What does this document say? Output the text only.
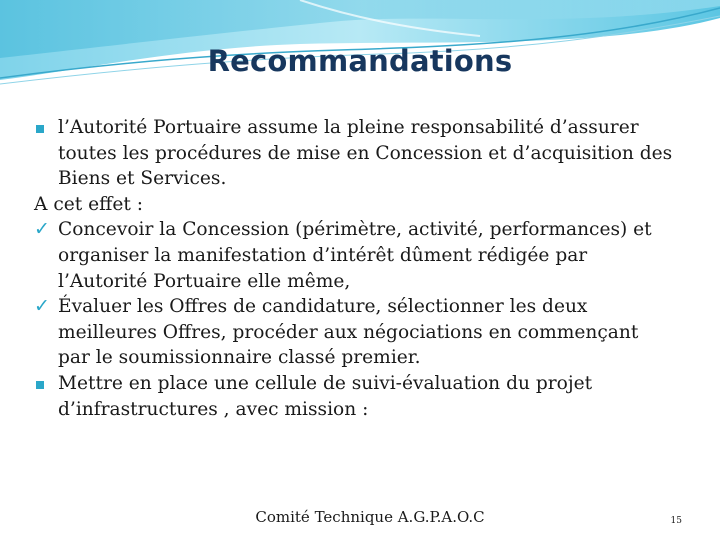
Recommandations
l’Autorité Portuaire assume la pleine responsabilité d’assurer toutes les procédures de mise en Concession et d’acquisition des Biens et Services.
A cet effet :
✓ Concevoir la Concession (périmètre, activité, performances) et organiser la manifestation d’intérêt dûment rédigée par l’Autorité Portuaire elle même,
✓ Évaluer les Offres de candidature, sélectionner les deux meilleures Offres, procéder aux négociations en commençant par le soumissionnaire classé premier.
Mettre en place une cellule de suivi-évaluation du projet d’infrastructures , avec mission :
Comité Technique A.G.P.A.O.C	15
